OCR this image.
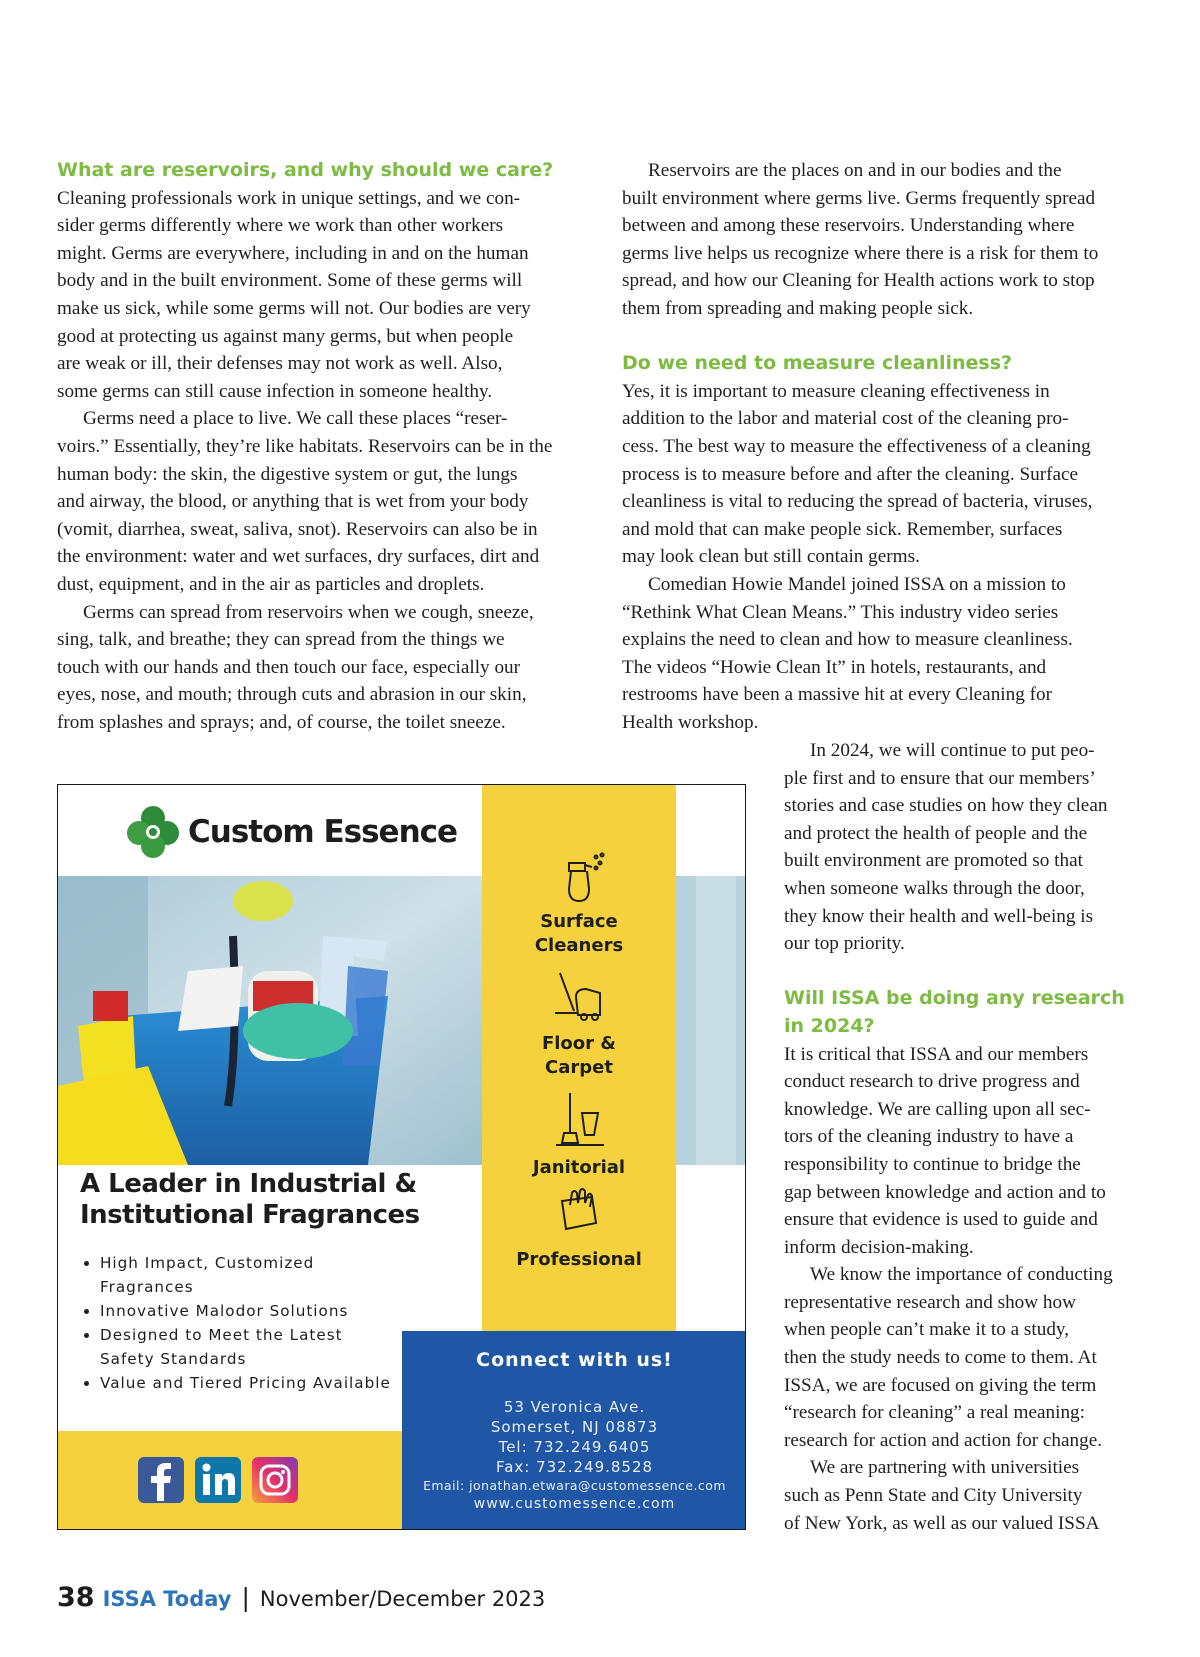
What are reservoirs, and why should we care?

Cleaning professionals work in unique settings, and we con-
sider germs differently where we work than other workers
might. Germs are everywhere, including in and on the human
body and in the built environment. Some of these germs will
make us sick, while some germs will not. Our bodies are very
good at protecting us against many germs, but when people
are weak or ill, their defenses may not work as well. Also,
some germs can still cause infection in someone healthy.
Germs need a place to live. We call these places “reser-
voirs.” Essentially, they’re like habitats. Reservoirs can be in the
human body: the skin, the digestive system or gut, the lungs
and airway, the blood, or anything that is wet from your body
(vomit, diarrhea, sweat, saliva, snot). Reservoirs can also be in
the environment: water and wet surfaces, dry surfaces, dirt and
dust, equipment, and in the air as particles and droplets.
Germs can spread from reservoirs when we cough, sneeze,
sing, talk, and breathe; they can spread from the things we
touch with our hands and then touch our face, especially our
eyes, nose, and mouth; through cuts and abrasion in our skin,
from splashes and sprays; and, of course, the toilet sneeze.
Reservoirs are the places on and in our bodies and the
built environment where germs live. Germs frequently spread
between and among these reservoirs. Understanding where
germs live helps us recognize where there is a risk for them to
spread, and how our Cleaning for Health actions work to stop
them from spreading and making people sick.

Do we need to measure cleanliness?

Yes, it is important to measure cleaning effectiveness in
addition to the labor and material cost of the cleaning pro-
cess. The best way to measure the effectiveness of a cleaning
process is to measure before and after the cleaning. Surface
cleanliness is vital to reducing the spread of bacteria, viruses,
and mold that can make people sick. Remember, surfaces
may look clean but still contain germs.
Comedian Howie Mandel joined ISSA on a mission to
“Rethink What Clean Means.” This industry video series
explains the need to clean and how to measure cleanliness.
The videos “Howie Clean It” in hotels, restaurants, and
restrooms have been a massive hit at every Cleaning for
Health workshop.
In 2024, we will continue to put peo-
ple first and to ensure that our members’
stories and case studies on how they clean
and protect the health of people and the
built environment are promoted so that
when someone walks through the door,
they know their health and well-being is
our top priority.

Will ISSA be doing any research

in 2024?

It is critical that ISSA and our members
conduct research to drive progress and
knowledge. We are calling upon all sec-
tors of the cleaning industry to have a
responsibility to continue to bridge the
gap between knowledge and action and to
ensure that evidence is used to guide and
inform decision-making.
We know the importance of conducting
representative research and show how
when people can’t make it to a study,
then the study needs to come to them. At
ISSA, we are focused on giving the term
“research for cleaning” a real meaning:
research for action and action for change.
We are partnering with universities
such as Penn State and City University
of New York, as well as our valued ISSA
Custom Essence
Surface
Cleaners
Floor &
Carpet
Janitorial
Professional
A Leader in Industrial &
Institutional Fragrances
• High Impact, Customized
Fragrances
• Innovative Malodor Solutions
• Designed to Meet the Latest
Safety Standards
• Value and Tiered Pricing Available
Connect with us!
53 Veronica Ave.
Somerset, NJ 08873
Tel: 732.249.6405
Fax: 732.249.8528
Email: jonathan.etwara@customessence.com
www.customessence.com
38 ISSA Today | November/December 2023
